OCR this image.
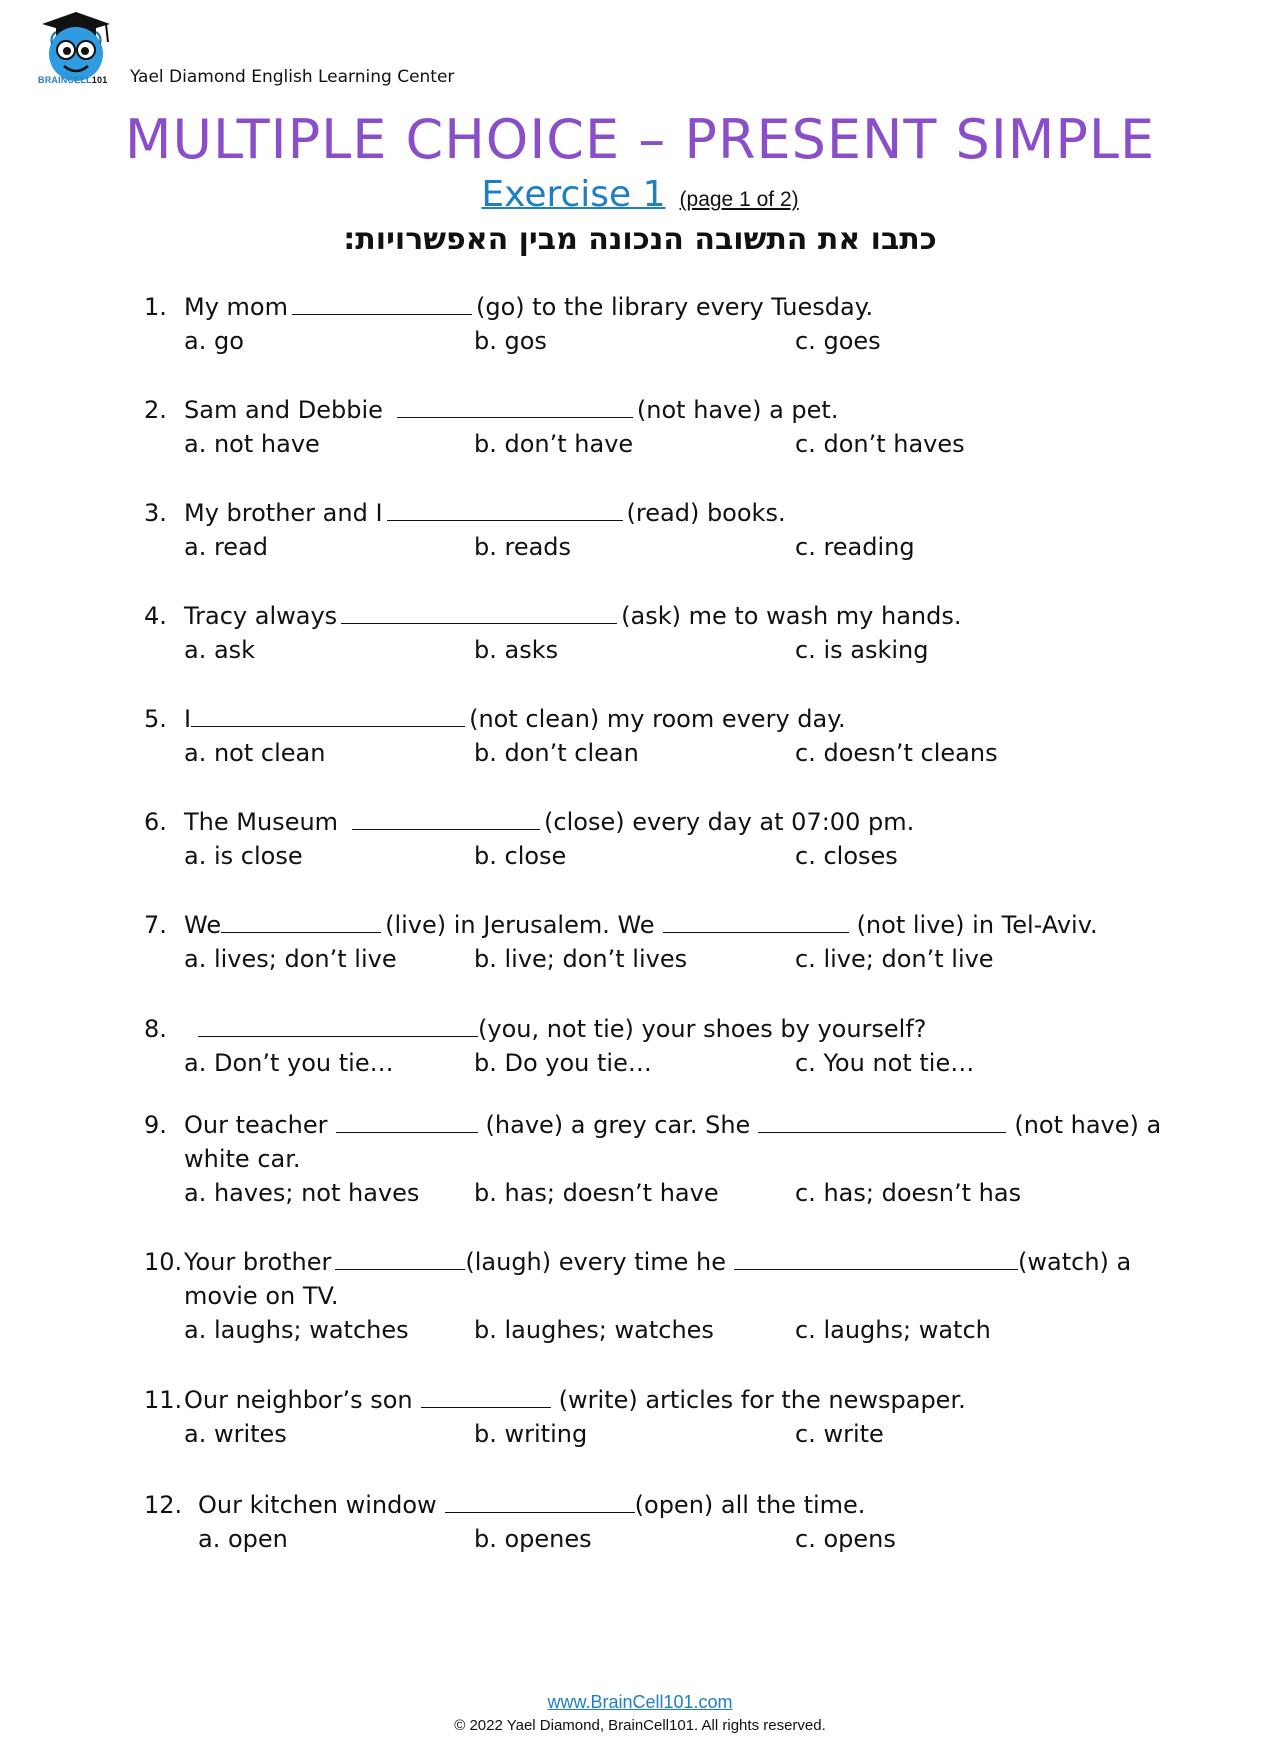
BRAINCELL101 Yael Diamond English Learning Center
MULTIPLE CHOICE – PRESENT SIMPLE
Exercise 1 (page 1 of 2)
כתבו את התשובה הנכונה מבין האפשרויות:
1. My mom	(go) to the library every Tuesday.
a. go	b. gos	c. goes
2. Sam and Debbie	(not have) a pet.
a. not have	b. don’t have	c. don’t haves
3. My brother and I	(read) books.
a. read	b. reads	c. reading
4. Tracy always	(ask) me to wash my hands.
a. ask	b. asks	c. is asking
5. I	(not clean) my room every day.
a. not clean	b. don’t clean	c. doesn’t cleans
6. The Museum	(close) every day at 07:00 pm.
a. is close	b. close	c. closes
7. We	(live) in Jerusalem. We	(not live) in Tel-Aviv.
a. lives; don’t live	b. live; don’t lives	c. live; don’t live
8.	(you, not tie) your shoes by yourself?
a. Don’t you tie…	b. Do you tie…	c. You not tie…
9. Our teacher	(have) a grey car. She	(not have) a
white car.
a. haves; not haves b. has; doesn’t have	c. has; doesn’t has
10. Your brother	(laugh) every time he	(watch) a
movie on TV.
a. laughs; watches	b. laughes; watches	c. laughs; watch
11. Our neighbor’s son	(write) articles for the newspaper.
a. writes	b. writing	c. write
12. Our kitchen window	(open) all the time.
a. open	b. openes	c. opens
www.BrainCell101.com
© 2022 Yael Diamond, BrainCell101. All rights reserved.
